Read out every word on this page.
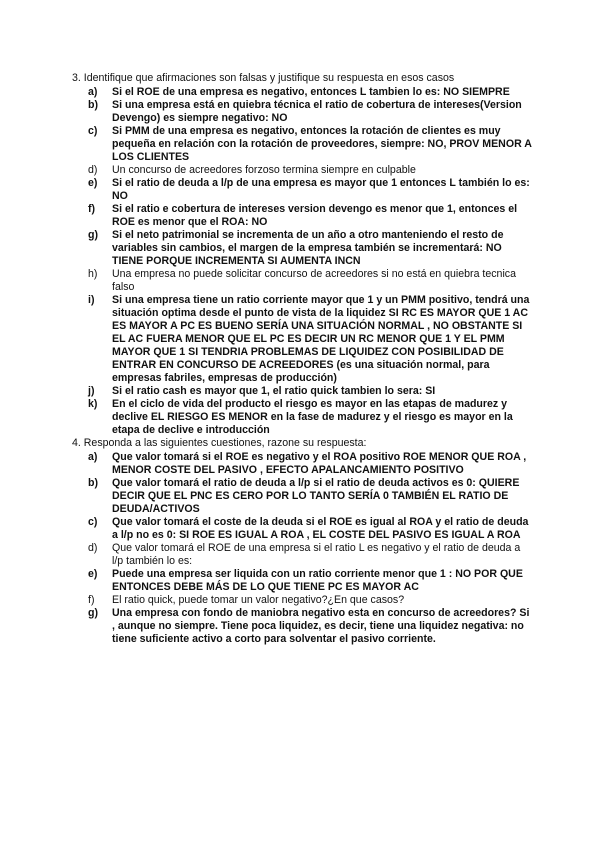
3. Identifique que afirmaciones son falsas y justifique su respuesta en esos casos
a)	Si el ROE de una empresa es negativo, entonces L tambien lo es: NO SIEMPRE
b)	Si una empresa está en quiebra técnica el ratio de cobertura de intereses(Version Devengo) es siempre negativo: NO
c)	Si PMM de una empresa es negativo, entonces la rotación de clientes es muy pequeña en relación con la rotación de proveedores, siempre: NO, PROV MENOR A LOS CLIENTES
d)	Un concurso de acreedores forzoso termina siempre en culpable
e)	Si el ratio de deuda a l/p de una empresa es mayor que 1 entonces L también lo es: NO
f)	Si el ratio e cobertura de intereses version devengo es menor que 1, entonces el ROE es menor que el ROA: NO
g)	Si el neto patrimonial se incrementa de un año a otro manteniendo el resto de variables sin cambios, el margen de la empresa también se incrementará: NO TIENE PORQUE INCREMENTA SI AUMENTA INCN
h)	Una empresa no puede solicitar concurso de acreedores si no está en quiebra tecnica falso
i)	Si una empresa tiene un ratio corriente mayor que 1 y un PMM positivo, tendrá una situación optima desde el punto de vista de la liquidez SI RC ES MAYOR QUE 1 AC ES MAYOR A PC ES BUENO SERÍA UNA SITUACIÓN NORMAL , NO OBSTANTE SI EL AC FUERA MENOR QUE EL PC ES DECIR UN RC MENOR QUE 1 Y EL PMM MAYOR QUE 1 SI TENDRIA PROBLEMAS DE LIQUIDEZ CON POSIBILIDAD DE ENTRAR EN CONCURSO DE ACREEDORES (es una situación normal, para empresas fabriles, empresas de producción)
j)	Si el ratio cash es mayor que 1, el ratio quick tambien lo sera: SI
k)	En el ciclo de vida del producto el riesgo es mayor en las etapas de madurez y declive EL RIESGO ES MENOR en la fase de madurez y el riesgo es mayor en la etapa de declive e introducción
4. Responda a las siguientes cuestiones, razone su respuesta:
a)	Que valor tomará si el ROE es negativo y el ROA positivo ROE MENOR QUE ROA , MENOR COSTE DEL PASIVO , EFECTO APALANCAMIENTO POSITIVO
b)	Que valor tomará el ratio de deuda a l/p si el ratio de deuda activos es 0: QUIERE DECIR QUE EL PNC ES CERO POR LO TANTO SERÍA 0 TAMBIÉN EL RATIO DE DEUDA/ACTIVOS
c)	Que valor tomará el coste de la deuda si el ROE es igual al ROA y el ratio de deuda a l/p no es 0: SI ROE ES IGUAL A ROA , EL COSTE DEL PASIVO ES IGUAL A ROA
d)	Que valor tomará el ROE de una empresa si el ratio L es negativo y el ratio de deuda a l/p también lo es:
e)	Puede una empresa ser liquida con un ratio corriente menor que 1 : NO POR QUE ENTONCES DEBE MÁS DE LO QUE TIENE PC ES MAYOR AC
f)	El ratio quick, puede tomar un valor negativo?¿En que casos?
g)	Una empresa con fondo de maniobra negativo esta en concurso de acreedores? Si , aunque no siempre. Tiene poca liquidez, es decir, tiene una liquidez negativa: no tiene suficiente activo a corto para solventar el pasivo corriente.
